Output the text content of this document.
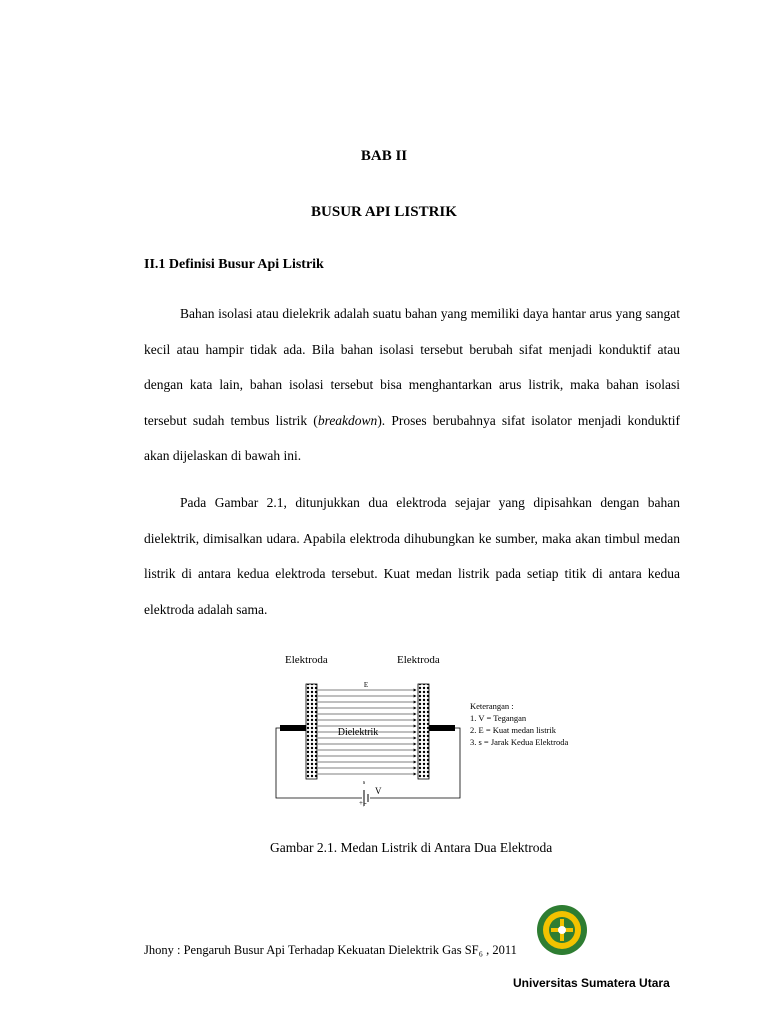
BAB II
BUSUR API LISTRIK
II.1 Definisi Busur Api Listrik
Bahan isolasi atau dielekrik adalah suatu bahan yang memiliki daya hantar arus yang sangat kecil atau hampir tidak ada. Bila bahan isolasi tersebut berubah sifat menjadi konduktif atau dengan kata lain, bahan isolasi tersebut bisa menghantarkan arus listrik, maka bahan isolasi tersebut sudah tembus listrik (breakdown). Proses berubahnya sifat isolator menjadi konduktif akan dijelaskan di bawah ini.
Pada Gambar 2.1, ditunjukkan dua elektroda sejajar yang dipisahkan dengan bahan dielektrik, dimisalkan udara. Apabila elektroda dihubungkan ke sumber, maka akan timbul medan listrik di antara kedua elektroda tersebut. Kuat medan listrik pada setiap titik di antara kedua elektroda adalah sama.
Elektroda	Elektroda
E
Dielektrik
s
V
+|-
Keterangan :
1. V = Tegangan
2. E = Kuat medan listrik
3. s = Jarak Kedua Elektroda
Gambar 2.1. Medan Listrik di Antara Dua Elektroda
Jhony : Pengaruh Busur Api Terhadap Kekuatan Dielektrik Gas SF₆ , 2011
Universitas Sumatera Utara
